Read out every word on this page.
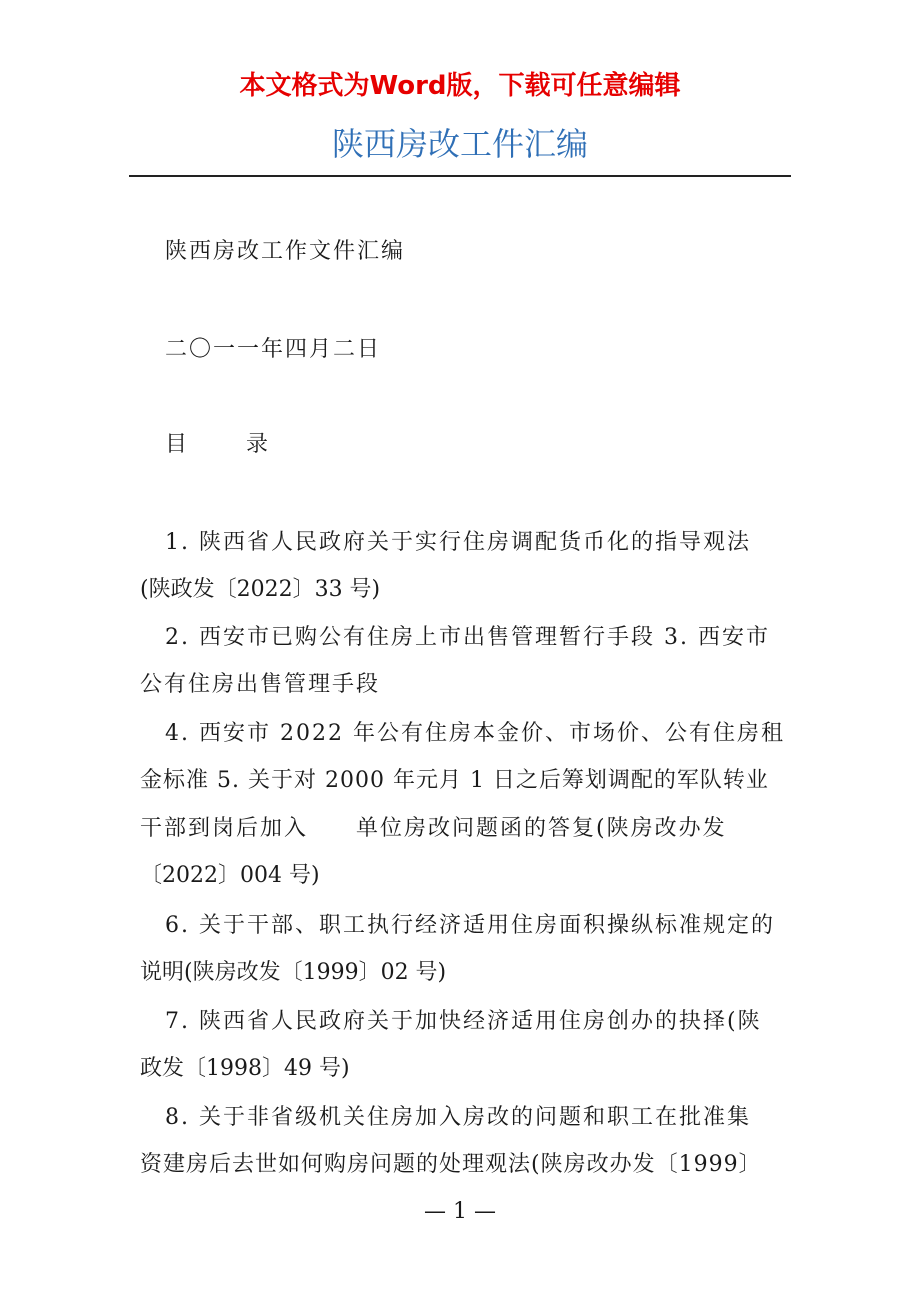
本文格式为Word版，下载可任意编辑
陕西房改工件汇编
陕西房改工作文件汇编
二〇一一年四月二日
目 录
1. 陕西省人民政府关于实行住房调配货币化的指导观法
(陕政发〔2022〕33 号)
2. 西安市已购公有住房上市出售管理暂行手段 3. 西安市
公有住房出售管理手段
4. 西安市 2022 年公有住房本金价、市场价、公有住房租
金标准 5. 关于对 2000 年元月 1 日之后筹划调配的军队转业
干部到岗后加入　　单位房改问题函的答复(陕房改办发
〔2022〕004 号)
6. 关于干部、职工执行经济适用住房面积操纵标准规定的
说明(陕房改发〔1999〕02 号)
7. 陕西省人民政府关于加快经济适用住房创办的抉择(陕
政发〔1998〕49 号)
8. 关于非省级机关住房加入房改的问题和职工在批准集
资建房后去世如何购房问题的处理观法(陕房改办发〔1999〕
— 1 —
